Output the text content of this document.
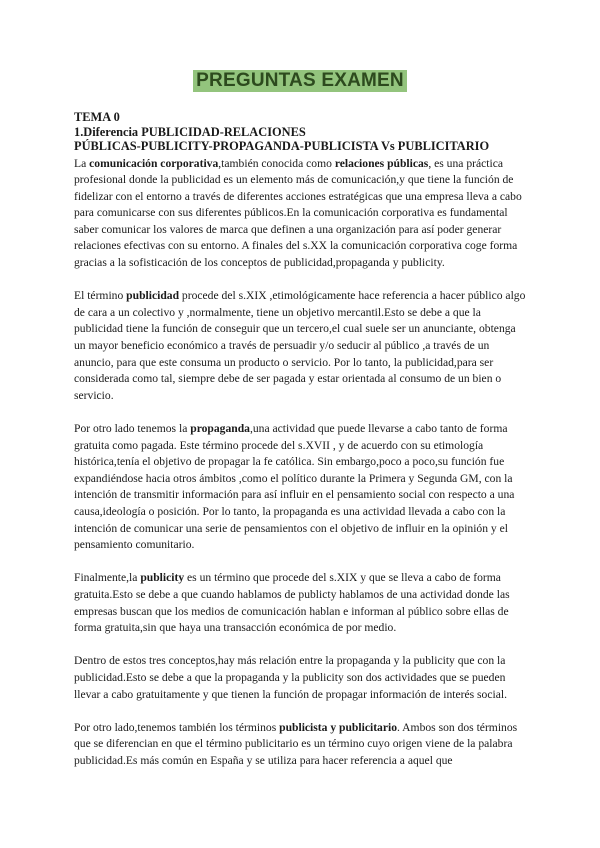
PREGUNTAS EXAMEN

TEMA 0

1.Diferencia PUBLICIDAD-RELACIONES

PÚBLICAS-PUBLICITY-PROPAGANDA-PUBLICISTA Vs PUBLICITARIO

La comunicación corporativa,también conocida como relaciones públicas, es una práctica profesional donde la publicidad es un elemento más de comunicación,y que tiene la función de fidelizar con el entorno a través de diferentes acciones estratégicas que una empresa lleva a cabo para comunicarse con sus diferentes públicos.En la comunicación corporativa es fundamental saber comunicar los valores de marca que definen a una organización para así poder generar relaciones efectivas con su entorno. A finales del s.XX la comunicación corporativa coge forma gracias a la sofisticación de los conceptos de publicidad,propaganda y publicity.

El término publicidad procede del s.XIX ,etimológicamente hace referencia a hacer público algo de cara a un colectivo y ,normalmente, tiene un objetivo mercantil.Esto se debe a que la publicidad tiene la función de conseguir que un tercero,el cual suele ser un anunciante, obtenga un mayor beneficio económico a través de persuadir y/o seducir al público ,a través de un anuncio, para que este consuma un producto o servicio. Por lo tanto, la publicidad,para ser considerada como tal, siempre debe de ser pagada y estar orientada al consumo de un bien o servicio.

Por otro lado tenemos la propaganda,una actividad que puede llevarse a cabo tanto de forma gratuita como pagada. Este término procede del s.XVII , y de acuerdo con su etimología histórica,tenía el objetivo de propagar la fe católica. Sin embargo,poco a poco,su función fue expandiéndose hacia otros ámbitos ,como el político durante la Primera y Segunda GM, con la intención de transmitir información para así influir en el pensamiento social con respecto a una causa,ideología o posición. Por lo tanto, la propaganda es una actividad llevada a cabo con la intención de comunicar una serie de pensamientos con el objetivo de influir en la opinión y el pensamiento comunitario.

Finalmente,la publicity es un término que procede del s.XIX y que se lleva a cabo de forma gratuita.Esto se debe a que cuando hablamos de publicty hablamos de una actividad donde las empresas buscan que los medios de comunicación hablan e informan al público sobre ellas de forma gratuita,sin que haya una transacción económica de por medio.

Dentro de estos tres conceptos,hay más relación entre la propaganda y la publicity que con la publicidad.Esto se debe a que la propaganda y la publicity son dos actividades que se pueden llevar a cabo gratuitamente y que tienen la función de propagar información de interés social.

Por otro lado,tenemos también los términos publicista y publicitario. Ambos son dos términos que se diferencian en que el término publicitario es un término cuyo origen viene de la palabra publicidad.Es más común en España y se utiliza para hacer referencia a aquel que
